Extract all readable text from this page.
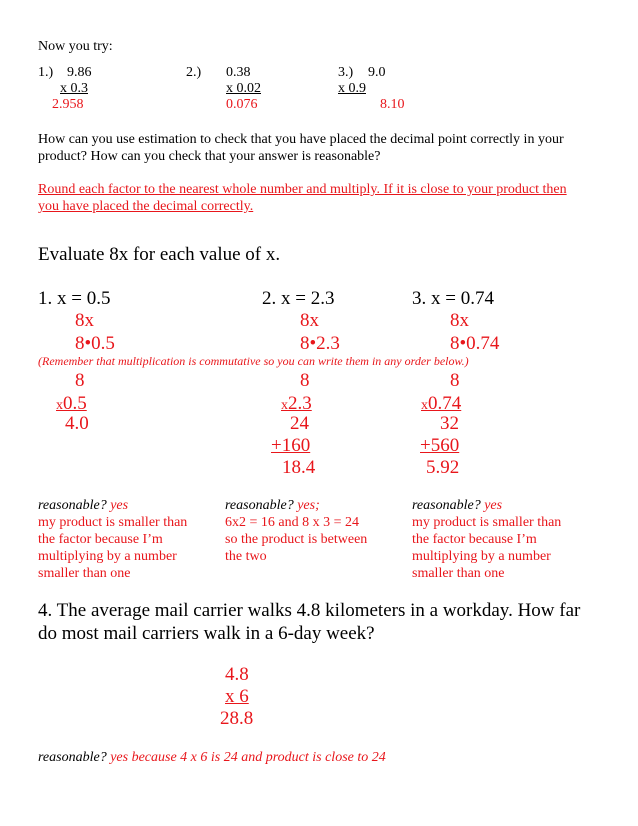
Now you try:
1.) 9.86
x 0.3
2.958
2.) 0.38
x 0.02
0.076
3.) 9.0
x 0.9
8.10
How can you use estimation to check that you have placed the decimal point correctly in your
product? How can you check that your answer is reasonable?
Round each factor to the nearest whole number and multiply. If it is close to your product then
you have placed the decimal correctly.
Evaluate 8x for each value of x.
1. x = 0.5
8x
8•0.5
8
x0.5
4.0
2. x = 2.3
8x
8•2.3
8
x2.3
24
+160
18.4
3. x = 0.74
8x
8•0.74
8
x0.74
32
+560
5.92
(Remember that multiplication is commutative so you can write them in any order below.)
reasonable? yes
my product is smaller than
the factor because I’m
multiplying by a number
smaller than one
reasonable? yes;
6x2 = 16 and 8 x 3 = 24
so the product is between
the two
reasonable? yes
my product is smaller than
the factor because I’m
multiplying by a number
smaller than one
4. The average mail carrier walks 4.8 kilometers in a workday. How far
do most mail carriers walk in a 6-day week?
4.8
x 6
28.8
reasonable? yes because 4 x 6 is 24 and product is close to 24
